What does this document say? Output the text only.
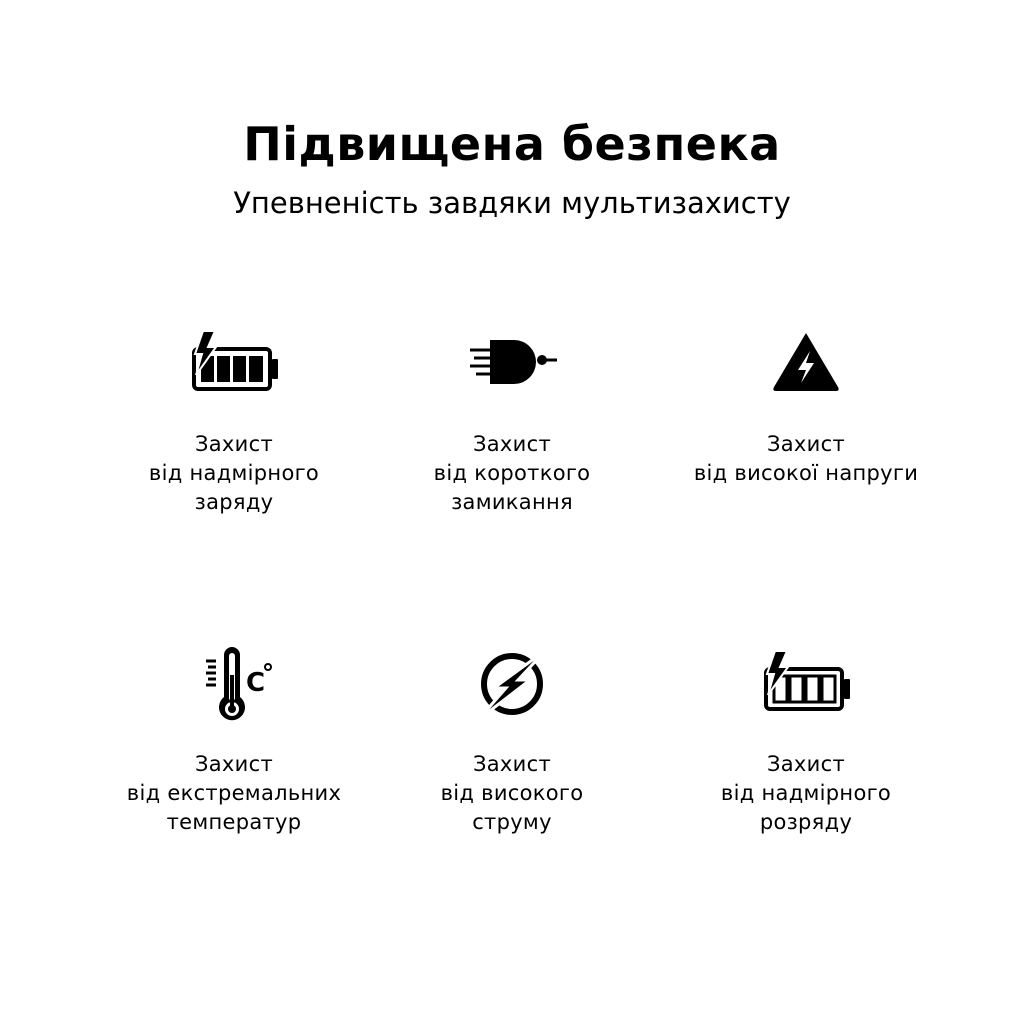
Підвищена безпека
Упевненість завдяки мультизахисту
Захист
від надмірного
заряду
Захист
від короткого
замикання
Захист
від високої напруги
C
Захист
від екстремальних
температур
Захист
від високого
струму
Захист
від надмірного
розряду
